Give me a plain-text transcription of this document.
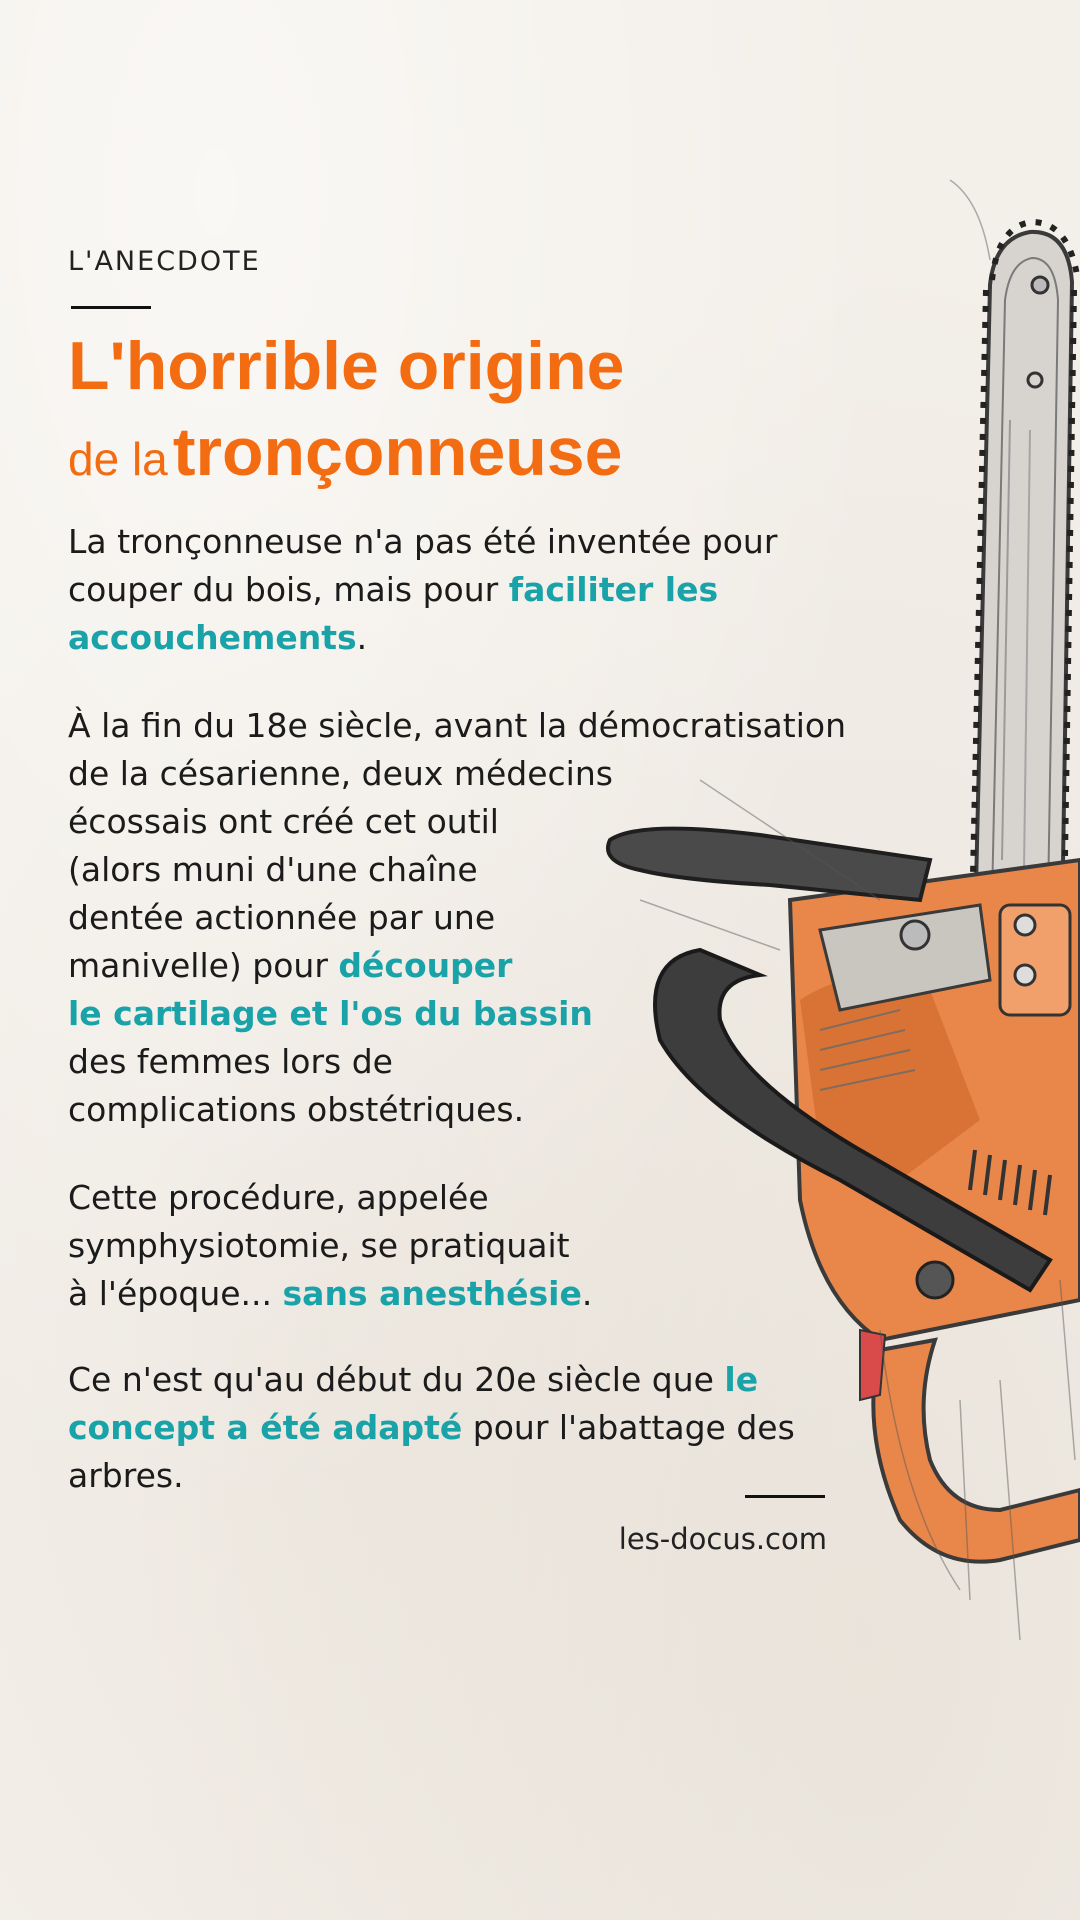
L'ANECDOTE
L'horrible origine
de la tronçonneuse

La tronçonneuse n'a pas été inventée pour couper du bois, mais pour faciliter les accouchements.

À la fin du 18e siècle, avant la démocratisation
de la césarienne, deux médecins
écossais ont créé cet outil
(alors muni d'une chaîne
dentée actionnée par une
manivelle) pour découper
le cartilage et l'os du bassin
des femmes lors de
complications obstétriques.

Cette procédure, appelée
symphysiotomie, se pratiquait
à l'époque... sans anesthésie.

Ce n'est qu'au début du 20e siècle que le
concept a été adapté pour l'abattage des
arbres.

les-docus.com
